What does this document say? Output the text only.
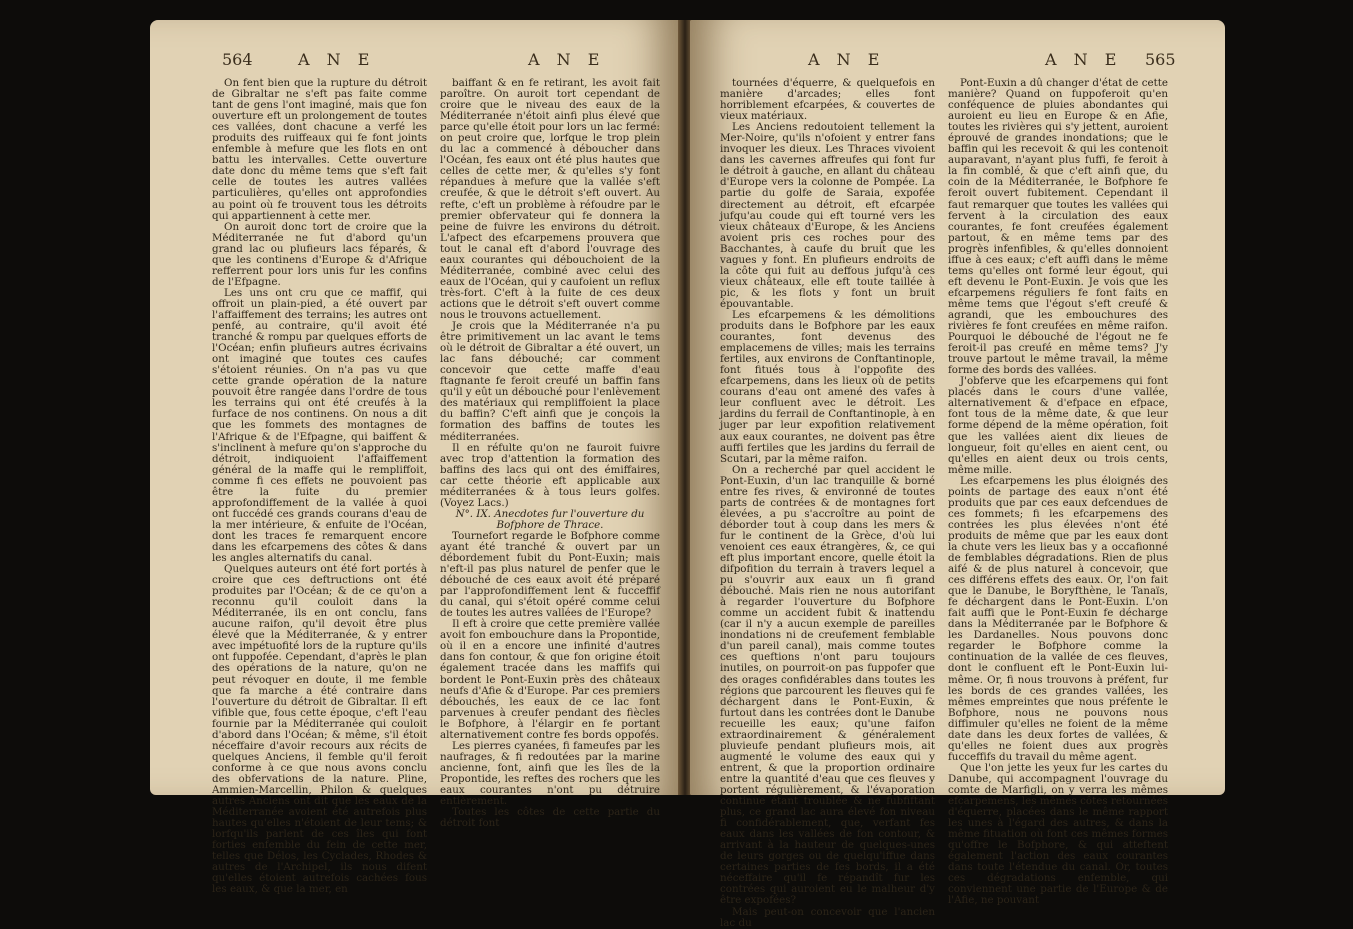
564	A N E	A N E

On fent bien que la rupture du détroit de Gibraltar ne s'eft pas faite comme tant de gens l'ont imaginé, mais que fon ouverture eft un prolongement de toutes ces vallées, dont chacune a verfé les produits des ruiffeaux qui fe font joints enfemble à mefure que les flots en ont battu les intervalles. Cette ouverture date donc du même tems que s'eft fait celle de toutes les autres vallées particulières, qu'elles ont approfondies au point où fe trouvent tous les détroits qui appartiennent à cette mer.

On auroit donc tort de croire que la Méditerranée ne fut d'abord qu'un grand lac ou plufieurs lacs féparés, & que les continens d'Europe & d'Afrique refferrent pour lors unis fur les confins de l'Efpagne.

Les uns ont cru que ce maffif, qui offroit un plain-pied, a été ouvert par l'affaiffement des terrains; les autres ont penfé, au contraire, qu'il avoit été tranché & rompu par quelques efforts de l'Océan; enfin plufieurs autres écrivains ont imaginé que toutes ces caufes s'étoient réunies. On n'a pas vu que cette grande opération de la nature pouvoit être rangée dans l'ordre de tous les terrains qui ont été creufés à la furface de nos continens. On nous a dit que les fommets des montagnes de l'Afrique & de l'Efpagne, qui baiffent & s'inclinent à mefure qu'on s'approche du détroit, indiquoient l'affaiffement général de la maffe qui le rempliffoit, comme fi ces effets ne pouvoient pas être la fuite du premier approfondiffement de la vallée à quoi ont fuccédé ces grands courans d'eau de la mer intérieure, & enfuite de l'Océan, dont les traces fe remarquent encore dans les efcarpemens des côtes & dans les angles alternatifs du canal.

Quelques auteurs ont été fort portés à croire que ces deftructions ont été produites par l'Océan; & de ce qu'on a reconnu qu'il couloit dans la Méditerranée, ils en ont conclu, fans aucune raifon, qu'il devoit être plus élevé que la Méditerranée, & y entrer avec impétuofité lors de la rupture qu'ils ont fuppofée. Cependant, d'après le plan des opérations de la nature, qu'on ne peut révoquer en doute, il me femble que fa marche a été contraire dans l'ouverture du détroit de Gibraltar. Il eft vifible que, fous cette époque, c'eft l'eau fournie par la Méditerranée qui couloit d'abord dans l'Océan; & même, s'il étoit néceffaire d'avoir recours aux récits de quelques Anciens, il femble qu'il feroit conforme à ce que nous avons conclu des obfervations de la nature. Pline, Ammien-Marcellin, Philon & quelques autres Anciens ont dit que les eaux de la Méditerranée avoient été autrefois plus hautes qu'elles n'étoient de leur tems; & lorfqu'ils parlent de ces îles qui font forties enfemble du fein de cette mer, telles que Délos, les Cyclades, Rhodes & autres de l'Archipel, ils nous difent qu'elles étoient autrefois cachées fous les eaux, & que la mer, en

baiffant & en fe retirant, les avoit fait paroître. On auroit tort cependant de croire que le niveau des eaux de la Méditerranée n'étoit ainfi plus élevé que parce qu'elle étoit pour lors un lac fermé: on peut croire que, lorfque le trop plein du lac a commencé à déboucher dans l'Océan, fes eaux ont été plus hautes que celles de cette mer, & qu'elles s'y font répandues à mefure que la vallée s'eft creufée, & que le détroit s'eft ouvert. Au refte, c'eft un problème à réfoudre par le premier obfervateur qui fe donnera la peine de fuivre les environs du détroit. L'afpect des efcarpemens prouvera que tout le canal eft d'abord l'ouvrage des eaux courantes qui débouchoient de la Méditerranée, combiné avec celui des eaux de l'Océan, qui y caufoient un reflux très-fort. C'eft à la fuite de ces deux actions que le détroit s'eft ouvert comme nous le trouvons actuellement.

Je crois que la Méditerranée n'a pu être primitivement un lac avant le tems où le détroit de Gibraltar a été ouvert, un lac fans débouché; car comment concevoir que cette maffe d'eau ftagnante fe feroit creufé un baffin fans qu'il y eût un débouché pour l'enlèvement des matériaux qui rempliffoient la place du baffin? C'eft ainfi que je conçois la formation des baffins de toutes les méditerranées.

Il en réfulte qu'on ne fauroit fuivre avec trop d'attention la formation des baffins des lacs qui ont des émiffaires, car cette théorie eft applicable aux méditerranées & à tous leurs golfes. (Voyez Lacs.)

N°. IX. Anecdotes fur l'ouverture du Bofphore de Thrace.

Tournefort regarde le Bofphore comme ayant été tranché & ouvert par un débordement fubit du Pont-Euxin; mais n'eft-il pas plus naturel de penfer que le débouché de ces eaux avoit été préparé par l'approfondiffement lent & fucceffif du canal, qui s'étoit opéré comme celui de toutes les autres vallées de l'Europe?

Il eft à croire que cette première vallée avoit fon embouchure dans la Propontide, où il en a encore une infinité d'autres dans fon contour, & que fon origine étoit également tracée dans les maffifs qui bordent le Pont-Euxin près des châteaux neufs d'Afie & d'Europe. Par ces premiers débouchés, les eaux de ce lac font parvenues à creufer pendant des fiècles le Bofphore, à l'élargir en fe portant alternativement contre fes bords oppofés.

Les pierres cyanées, fi fameufes par les naufrages, & fi redoutées par la marine ancienne, font, ainfi que les îles de la Propontide, les reftes des rochers que les eaux courantes n'ont pu détruire entièrement.

Toutes les côtes de cette partie du détroit font

A N E	A N E 565

tournées d'équerre, & quelquefois en manière d'arcades; elles font horriblement efcarpées, & couvertes de vieux matériaux.

Les Anciens redoutoient tellement la Mer-Noire, qu'ils n'ofoient y entrer fans invoquer les dieux. Les Thraces vivoient dans les cavernes affreufes qui font fur le détroit à gauche, en allant du château d'Europe vers la colonne de Pompée. La partie du golfe de Saraia, expofée directement au détroit, eft efcarpée jufqu'au coude qui eft tourné vers les vieux châteaux d'Europe, & les Anciens avoient pris ces roches pour des Bacchantes, à caufe du bruit que les vagues y font. En plufieurs endroits de la côte qui fuit au deffous jufqu'à ces vieux châteaux, elle eft toute taillée à pic, & les flots y font un bruit épouvantable.

Les efcarpemens & les démolitions produits dans le Bofphore par les eaux courantes, font devenus des emplacemens de villes; mais les terrains fertiles, aux environs de Conftantinople, font fitués tous à l'oppofite des efcarpemens, dans les lieux où de petits courans d'eau ont amené des vafes à leur confluent avec le détroit. Les jardins du ferrail de Conftantinople, à en juger par leur expofition relativement aux eaux courantes, ne doivent pas être auffi fertiles que les jardins du ferrail de Scutari, par la même raifon.

On a recherché par quel accident le Pont-Euxin, d'un lac tranquille & borné entre fes rives, & environné de toutes parts de contrées & de montagnes fort élevées, a pu s'accroître au point de déborder tout à coup dans les mers & fur le continent de la Grèce, d'où lui venoient ces eaux étrangères, &, ce qui eft plus important encore, quelle étoit la difpofition du terrain à travers lequel a pu s'ouvrir aux eaux un fi grand débouché. Mais rien ne nous autorifant à regarder l'ouverture du Bofphore comme un accident fubit & inattendu (car il n'y a aucun exemple de pareilles inondations ni de creufement femblable d'un pareil canal), mais comme toutes ces queftions n'ont paru toujours inutiles, on pourroit-on pas fuppofer que des orages confidérables dans toutes les régions que parcourent les fleuves qui fe déchargent dans le Pont-Euxin, & furtout dans les contrées dont le Danube recueille les eaux; qu'une faifon extraordinairement & généralement pluvieufe pendant plufieurs mois, ait augmenté le volume des eaux qui y entrent, & que la proportion ordinaire entre la quantité d'eau que ces fleuves y portent régulièrement, & l'évaporation continue étant troublée & ne fubfiftant plus, ce grand lac aura élevé fon niveau fi confidérablement, que, verfant fes eaux dans les vallées de fon contour, & arrivant à la hauteur de quelques-unes de leurs gorges ou de quelqu'iffue dans certaines parties de fes bords, il a été néceffaire qu'il fe répandît fur les contrées qui auroient eu le malheur d'y être expofées?

Mais peut-on concevoir que l'ancien lac du

Pont-Euxin a dû changer d'état de cette manière? Quand on fuppoferoit qu'en conféquence de pluies abondantes qui auroient eu lieu en Europe & en Afie, toutes les rivières qui s'y jettent, auroient éprouvé de grandes inondations; que le baffin qui les recevoit & qui les contenoit auparavant, n'ayant plus fuffi, fe feroit à la fin comblé, & que c'eft ainfi que, du coin de la Méditerranée, le Bofphore fe feroit ouvert fubitement. Cependant il faut remarquer que toutes les vallées qui fervent à la circulation des eaux courantes, fe font creufées également partout, & en même tems par des progrès infenfibles, & qu'elles donnoient iffue à ces eaux; c'eft auffi dans le même tems qu'elles ont formé leur égout, qui eft devenu le Pont-Euxin. Je vois que les efcarpemens réguliers fe font faits en même tems que l'égout s'eft creufé & agrandi, que les embouchures des rivières fe font creufées en même raifon. Pourquoi le débouché de l'égout ne fe feroit-il pas creufé en même tems? J'y trouve partout le même travail, la même forme des bords des vallées.

J'obferve que les efcarpemens qui font placés dans le cours d'une vallée, alternativement & d'efpace en efpace, font tous de la même date, & que leur forme dépend de la même opération, foit que les vallées aient dix lieues de longueur, foit qu'elles en aient cent, ou qu'elles en aient deux ou trois cents, même mille.

Les efcarpemens les plus éloignés des points de partage des eaux n'ont été produits que par ces eaux defcendues de ces fommets; fi les efcarpemens des contrées les plus élevées n'ont été produits de même que par les eaux dont la chute vers les lieux bas y a occafionné de femblables dégradations. Rien de plus aifé & de plus naturel à concevoir, que ces différens effets des eaux. Or, l'on fait que le Danube, le Boryfthène, le Tanaïs, fe déchargent dans le Pont-Euxin. L'on fait auffi que le Pont-Euxin fe décharge dans la Méditerranée par le Bofphore & les Dardanelles. Nous pouvons donc regarder le Bofphore comme la continuation de la vallée de ces fleuves, dont le confluent eft le Pont-Euxin lui-même. Or, fi nous trouvons à préfent, fur les bords de ces grandes vallées, les mêmes empreintes que nous préfente le Bofphore, nous ne pouvons nous diffimuler qu'elles ne foient de la même date dans les deux fortes de vallées, & qu'elles ne foient dues aux progrès fucceffifs du travail du même agent.

Que l'on jette les yeux fur les cartes du Danube, qui accompagnent l'ouvrage du comte de Marfigli, on y verra les mêmes efcarpemens, les mêmes côtes retournées d'équerre, placées dans le même rapport les unes à l'égard des autres, & dans la même fituation où font ces mêmes formes qu'offre le Bofphore, & qui atteftent également l'action des eaux courantes dans toute l'étendue du canal. Or, toutes ces dégradations enfemble, qui conviennent une partie de l'Europe & de l'Afie, ne pouvant
